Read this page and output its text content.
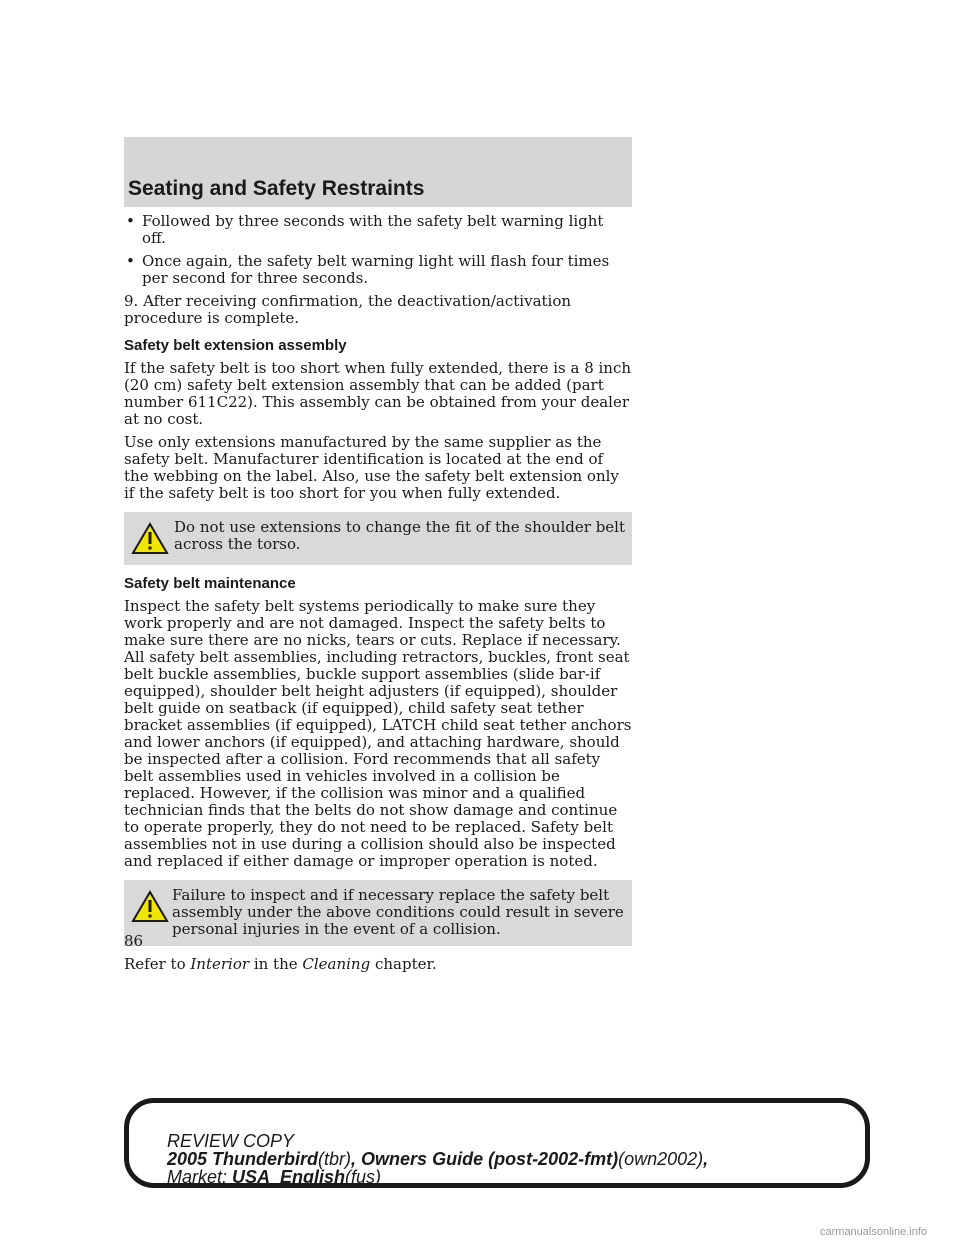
Seating and Safety Restraints
• Followed by three seconds with the safety belt warning light off.
• Once again, the safety belt warning light will flash four times per second for three seconds.

9. After receiving confirmation, the deactivation/activation procedure is complete.

Safety belt extension assembly

If the safety belt is too short when fully extended, there is a 8 inch (20 cm) safety belt extension assembly that can be added (part number 611C22). This assembly can be obtained from your dealer at no cost.

Use only extensions manufactured by the same supplier as the safety belt. Manufacturer identification is located at the end of the webbing on the label. Also, use the safety belt extension only if the safety belt is too short for you when fully extended.

Do not use extensions to change the fit of the shoulder belt across the torso.
Safety belt maintenance

Inspect the safety belt systems periodically to make sure they work properly and are not damaged. Inspect the safety belts to make sure there are no nicks, tears or cuts. Replace if necessary. All safety belt assemblies, including retractors, buckles, front seat belt buckle assemblies, buckle support assemblies (slide bar-if equipped), shoulder belt height adjusters (if equipped), shoulder belt guide on seatback (if equipped), child safety seat tether bracket assemblies (if equipped), LATCH child seat tether anchors and lower anchors (if equipped), and attaching hardware, should be inspected after a collision. Ford recommends that all safety belt assemblies used in vehicles involved in a collision be replaced. However, if the collision was minor and a qualified technician finds that the belts do not show damage and continue to operate properly, they do not need to be replaced. Safety belt assemblies not in use during a collision should also be inspected and replaced if either damage or improper operation is noted.

Failure to inspect and if necessary replace the safety belt assembly under the above conditions could result in severe personal injuries in the event of a collision.

Refer to Interior in the Cleaning chapter.

86
REVIEW COPY
2005 Thunderbird(tbr), Owners Guide (post-2002-fmt)(own2002),
Market: USA_English(fus)
carmanualsonline.info
